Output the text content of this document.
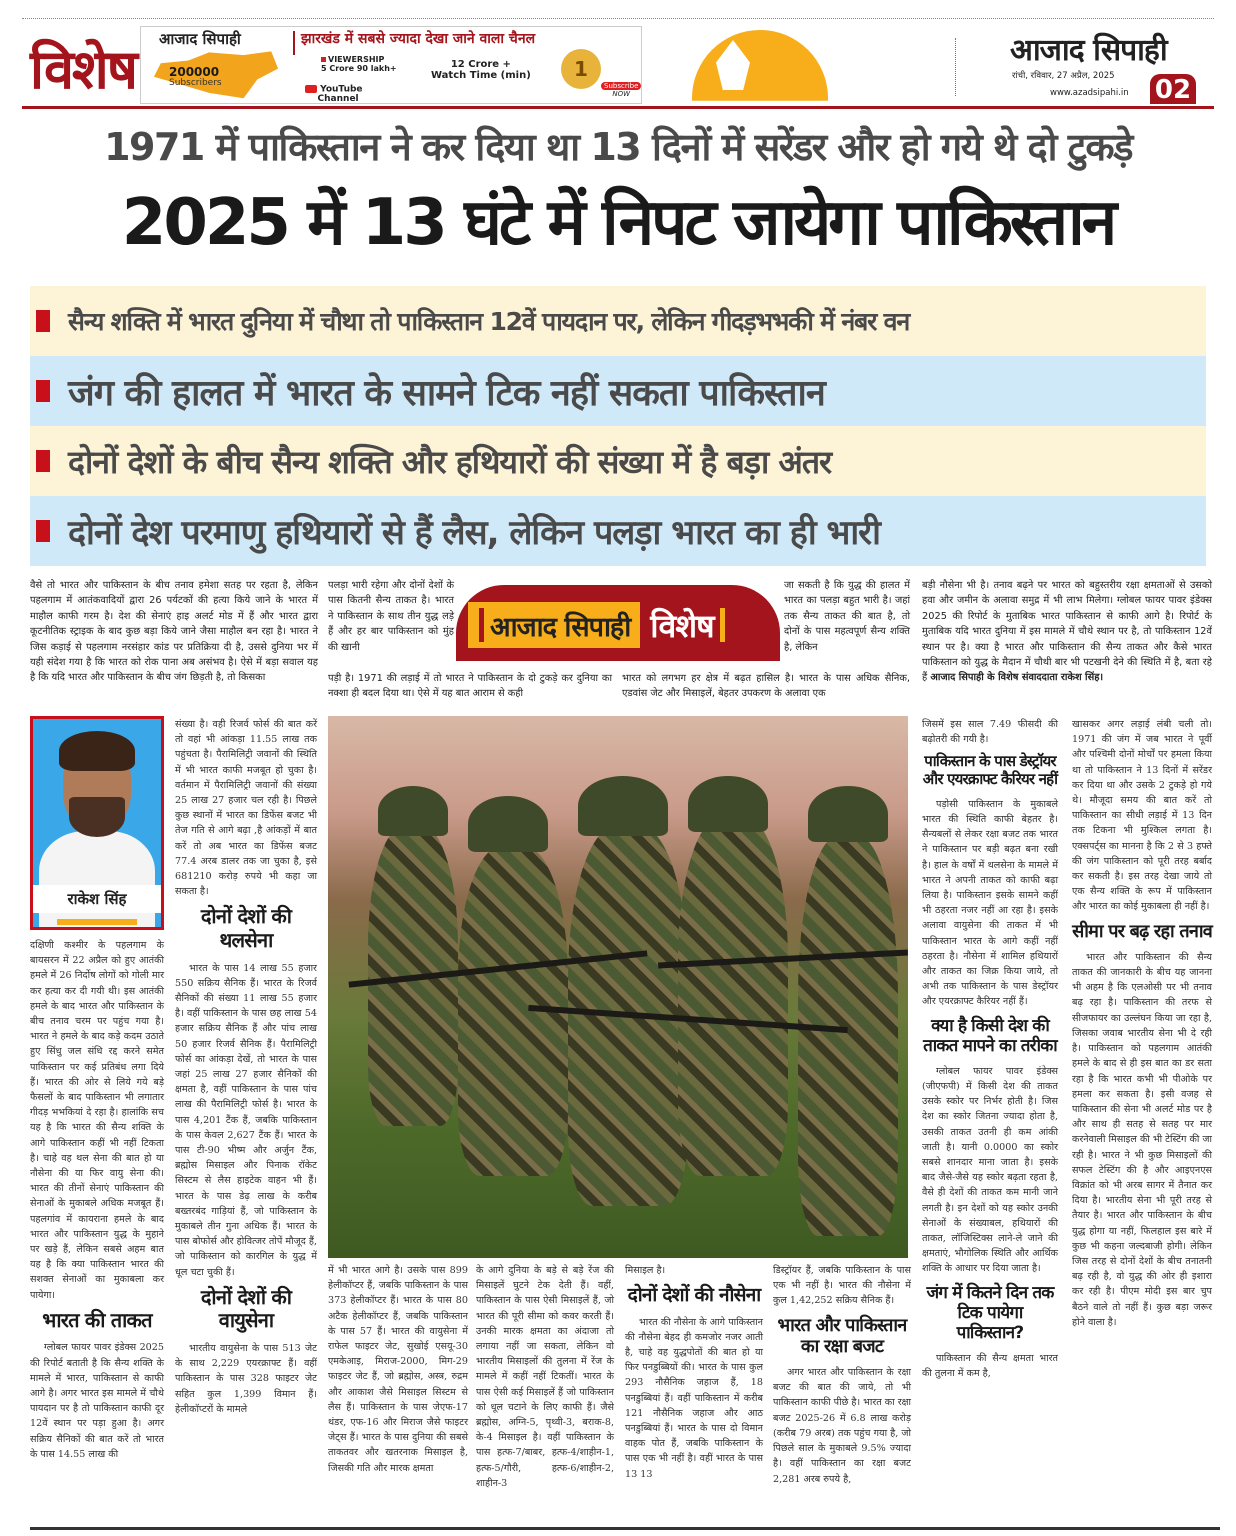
विशेष आजाद सिपाही	झारखंड में सबसे ज्यादा देखा जाने वाला चैनल
200000
Subscribers
VIEWERSHIP
5 Crore 90 lakh+	12 Crore +
Watch Time (min)
YouTube
Channel
1
Subscribe
NOW
आजाद सिपाही
रांची, रविवार, 27 अप्रैल, 2025
www.azadsipahi.in 02
1971 में पाकिस्तान ने कर दिया था 13 दिनों में सरेंडर और हो गये थे दो टुकड़े
2025 में 13 घंटे में निपट जायेगा पाकिस्तान
सैन्य शक्ति में भारत दुनिया में चौथा तो पाकिस्तान 12वें पायदान पर, लेकिन गीदड़भभकी में नंबर वन
जंग की हालत में भारत के सामने टिक नहीं सकता पाकिस्तान
दोनों देशों के बीच सैन्य शक्ति और हथियारों की संख्या में है बड़ा अंतर
दोनों देश परमाणु हथियारों से हैं लैस, लेकिन पलड़ा भारत का ही भारी

वैसे तो भारत और पाकिस्तान के बीच तनाव हमेशा सतह पर रहता है, लेकिन पहलगाम में आतंकवादियों द्वारा 26 पर्यटकों की हत्या किये जाने के भारत में माहौल काफी गरम है। देश की सेनाएं हाइ अलर्ट मोड में हैं और भारत द्वारा कूटनीतिक स्ट्राइक के बाद कुछ बड़ा किये जाने जैसा माहौल बन रहा है। भारत ने जिस कड़ाई से पहलगाम नरसंहार कांड पर प्रतिक्रिया दी है, उससे दुनिया भर में यही संदेश गया है कि भारत को रोक पाना अब असंभव है। ऐसे में बड़ा सवाल यह है कि यदि भारत और पाकिस्तान के बीच जंग छिड़ती है, तो किसका

पलड़ा भारी रहेगा और दोनों देशों के पास कितनी सैन्य ताकत है। भारत ने पाकिस्तान के साथ तीन युद्ध लड़े हैं और हर बार पाकिस्तान को मुंह की खानी

पड़ी है। 1971 की लड़ाई में तो भारत ने पाकिस्तान के दो टुकड़े कर दुनिया का नक्शा ही बदल दिया था। ऐसे में यह बात आराम से कही

जा सकती है कि युद्ध की हालत में भारत का पलड़ा बहुत भारी है। जहां तक सैन्य ताकत की बात है, तो दोनों के पास महत्वपूर्ण सैन्य शक्ति है, लेकिन

भारत को लगभग हर क्षेत्र में बढ़त हासिल है। भारत के पास अधिक सैनिक, एडवांस जेट और मिसाइलें, बेहतर उपकरण के अलावा एक

बड़ी नौसेना भी है। तनाव बढ़ने पर भारत को बहुस्तरीय रक्षा क्षमताओं से उसको हवा और जमीन के अलावा समुद्र में भी लाभ मिलेगा। ग्लोबल फायर पावर इंडेक्स 2025 की रिपोर्ट के मुताबिक भारत पाकिस्तान से काफी आगे है। रिपोर्ट के मुताबिक यदि भारत दुनिया में इस मामले में चौथे स्थान पर है, तो पाकिस्तान 12वें स्थान पर है। क्या है भारत और पाकिस्तान की सैन्य ताकत और कैसे भारत पाकिस्तान को युद्ध के मैदान में चौथी बार भी पटखनी देने की स्थिति में है, बता रहे हैं आजाद सिपाही के विशेष संवाददाता राकेश सिंह।

आजाद सिपाही विशेष
राकेश सिंह

दक्षिणी कश्मीर के पहलगाम के बायसरन में 22 अप्रैल को हुए आतंकी हमले में 26 निर्दोष लोगों को गोली मार कर हत्या कर दी गयी थी। इस आतंकी हमले के बाद भारत और पाकिस्तान के बीच तनाव चरम पर पहुंच गया है। भारत ने हमले के बाद कड़े कदम उठाते हुए सिंधु जल संधि रद्द करने समेत पाकिस्तान पर कई प्रतिबंध लगा दिये हैं। भारत की ओर से लिये गये बड़े फैसलों के बाद पाकिस्तान भी लगातार गीदड़ भभकियां दे रहा है। हालांकि सच यह है कि भारत की सैन्य शक्ति के आगे पाकिस्तान कहीं भी नहीं टिकता है। चाहे वह थल सेना की बात हो या नौसेना की या फिर वायु सेना की। भारत की तीनों सेनाएं पाकिस्तान की सेनाओं के मुकाबले अधिक मजबूत हैं। पहलगांव में कायराना हमले के बाद भारत और पाकिस्तान युद्ध के मुहाने पर खड़े हैं, लेकिन सबसे अहम बात यह है कि क्या पाकिस्तान भारत की सशक्त सेनाओं का मुकाबला कर पायेगा।

भारत की ताकत

ग्लोबल फायर पावर इंडेक्स 2025 की रिपोर्ट बताती है कि सैन्य शक्ति के मामले में भारत, पाकिस्तान से काफी आगे है। अगर भारत इस मामले में चौथे पायदान पर है तो पाकिस्तान काफी दूर 12वें स्थान पर पड़ा हुआ है। अगर सक्रिय सैनिकों की बात करें तो भारत के पास 14.55 लाख की

संख्या है। वही रिजर्व फोर्स की बात करें तो वहां भी आंकड़ा 11.55 लाख तक पहुंचता है। पैरामिलिट्री जवानों की स्थिति में भी भारत काफी मजबूत हो चुका है। वर्तमान में पैरामिलिट्री जवानों की संख्या 25 लाख 27 हजार चल रही है। पिछले कुछ स्थानों में भारत का डिफेंस बजट भी तेज गति से आगे बढ़ा ,है आंकड़ों में बात करें तो अब भारत का डिफेंस बजट 77.4 अरब डालर तक जा चुका है, इसे 681210 करोड़ रुपये भी कहा जा सकता है।

दोनों देशों की थलसेना

भारत के पास 14 लाख 55 हजार 550 सक्रिय सैनिक हैं। भारत के रिजर्व सैनिकों की संख्या 11 लाख 55 हजार है। वहीं पाकिस्तान के पास छह लाख 54 हजार सक्रिय सैनिक हैं और पांच लाख 50 हजार रिजर्व सैनिक हैं। पैरामिलिट्री फोर्स का आंकड़ा देखें, तो भारत के पास जहां 25 लाख 27 हजार सैनिकों की क्षमता है, वहीं पाकिस्तान के पास पांच लाख की पैरामिलिट्री फोर्स है। भारत के पास 4,201 टैंक हैं, जबकि पाकिस्तान के पास केवल 2,627 टैंक हैं। भारत के पास टी-90 भीष्म और अर्जुन टैंक, ब्रह्मोस मिसाइल और पिनाक रॉकेट सिस्टम से लैस हाइटेक वाहन भी हैं। भारत के पास डेढ़ लाख के करीब बख्तरबंद गाड़ियां हैं, जो पाकिस्तान के मुकाबले तीन गुना अधिक हैं। भारत के पास बोफोर्स और होवित्जर तोपें मौजूद हैं, जो पाकिस्तान को कारगिल के युद्ध में धूल चटा चुकी हैं।

दोनों देशों की वायुसेना

भारतीय वायुसेना के पास 513 जेट के साथ 2,229 एयरक्राफ्ट हैं। वहीं पाकिस्तान के पास 328 फाइटर जेट सहित कुल 1,399 विमान हैं। हेलीकॉप्टरों के मामले

में भी भारत आगे है। उसके पास 899 हेलीकॉप्टर हैं, जबकि पाकिस्तान के पास 373 हेलीकॉप्टर हैं। भारत के पास 80 अटैक हेलीकॉप्टर हैं, जबकि पाकिस्तान के पास 57 हैं। भारत की वायुसेना में राफेल फाइटर जेट, सुखोई एसयू-30 एमकेआइ, मिराज-2000, मिग-29 फाइटर जेट हैं, जो ब्रह्मोस, अस्त्र, रुद्रम और आकाश जैसे मिसाइल सिस्टम से लैस हैं। पाकिस्तान के पास जेएफ-17 थंडर, एफ-16 और मिराज जैसे फाइटर जेट्स हैं। भारत के पास दुनिया की सबसे ताकतवर और खतरनाक मिसाइल है, जिसकी गति और मारक क्षमता

के आगे दुनिया के बड़े से बड़े रेंज की मिसाइलें घुटने टेक देती हैं। वहीं, पाकिस्तान के पास ऐसी मिसाइलें हैं, जो भारत की पूरी सीमा को कवर करती हैं। उनकी मारक क्षमता का अंदाजा तो लगाया नहीं जा सकता, लेकिन वो भारतीय मिसाइलों की तुलना में रेंज के मामले में कहीं नहीं टिकतीं। भारत के पास ऐसी कई मिसाइलें हैं जो पाकिस्तान को धूल चटाने के लिए काफी हैं। जैसे ब्रह्मोस, अग्नि-5, पृथ्वी-3, बराक-8, के-4 मिसाइल है। वहीं पाकिस्तान के पास हत्फ-7/बाबर, हत्फ-4/शाहीन-1, हत्फ-5/गौरी, हत्फ-6/शाहीन-2, शाहीन-3

मिसाइल है।

दोनों देशों की नौसेना

भारत की नौसेना के आगे पाकिस्तान की नौसेना बेहद ही कमजोर नजर आती है, चाहे वह युद्धपोतों की बात हो या फिर पनडुब्बियों की। भारत के पास कुल 293 नौसैनिक जहाज हैं, 18 पनडुब्बियां हैं। वहीं पाकिस्तान में करीब 121 नौसैनिक जहाज और आठ पनडुब्बियां हैं। भारत के पास दो विमान वाहक पोत हैं, जबकि पाकिस्तान के पास एक भी नहीं है। वहीं भारत के पास 13 13

डिस्ट्रॉयर हैं, जबकि पाकिस्तान के पास एक भी नहीं है। भारत की नौसेना में कुल 1,42,252 सक्रिय सैनिक हैं।

भारत और पाकिस्तान का रक्षा बजट

अगर भारत और पाकिस्तान के रक्षा बजट की बात की जाये, तो भी पाकिस्तान काफी पीछे है। भारत का रक्षा बजट 2025-26 में 6.8 लाख करोड़ (करीब 79 अरब) तक पहुंच गया है, जो पिछले साल के मुकाबले 9.5% ज्यादा है। वहीं पाकिस्तान का रक्षा बजट 2,281 अरब रुपये है,

जिसमें इस साल 7.49 फीसदी की बढ़ोतरी की गयी है।

पाकिस्तान के पास डेस्ट्रॉयर और एयरक्राफ्ट कैरियर नहीं

पड़ोसी पाकिस्तान के मुकाबले भारत की स्थिति काफी बेहतर है। सैन्यबलों से लेकर रक्षा बजट तक भारत ने पाकिस्तान पर बड़ी बढ़त बना रखी है। हाल के वर्षों में थलसेना के मामले में भारत ने अपनी ताकत को काफी बढ़ा लिया है। पाकिस्तान इसके सामने कहीं भी ठहरता नजर नहीं आ रहा है। इसके अलावा वायुसेना की ताकत में भी पाकिस्तान भारत के आगे कहीं नहीं ठहरता है। नौसेना में शामिल हथियारों और ताकत का जिक्र किया जाये, तो अभी तक पाकिस्तान के पास डेस्ट्रॉयर और एयरक्राफ्ट कैरियर नहीं हैं।

क्या है किसी देश की ताकत मापने का तरीका

ग्लोबल फायर पावर इंडेक्स (जीएफपी) में किसी देश की ताकत उसके स्कोर पर निर्भर होती है। जिस देश का स्कोर जितना ज्यादा होता है, उसकी ताकत उतनी ही कम आंकी जाती है। यानी 0.0000 का स्कोर सबसे शानदार माना जाता है। इसके बाद जैसे-जैसे यह स्कोर बढ़ता रहता है, वैसे ही देशों की ताकत कम मानी जाने लगती है। इन देशों को यह स्कोर उनकी सेनाओं के संख्याबल, हथियारों की ताकत, लॉजिस्टिक्स लाने-ले जाने की क्षमताएं, भौगोलिक स्थिति और आर्थिक शक्ति के आधार पर दिया जाता है।

जंग में कितने दिन तक टिक पायेगा पाकिस्तान?

पाकिस्तान की सैन्य क्षमता भारत की तुलना में कम है,

खासकर अगर लड़ाई लंबी चली तो। 1971 की जंग में जब भारत ने पूर्वी और पश्चिमी दोनों मोर्चों पर हमला किया था तो पाकिस्तान ने 13 दिनों में सरेंडर कर दिया था और उसके 2 टुकड़े हो गये थे। मौजूदा समय की बात करें तो पाकिस्तान का सीधी लड़ाई में 13 दिन तक टिकना भी मुश्किल लगता है। एक्सपर्ट्स का मानना है कि 2 से 3 हफ्ते की जंग पाकिस्तान को पूरी तरह बर्बाद कर सकती है। इस तरह देखा जाये तो एक सैन्य शक्ति के रूप में पाकिस्तान और भारत का कोई मुकाबला ही नहीं है।

सीमा पर बढ़ रहा तनाव

भारत और पाकिस्तान की सैन्य ताकत की जानकारी के बीच यह जानना भी अहम है कि एलओसी पर भी तनाव बढ़ रहा है। पाकिस्तान की तरफ से सीजफायर का उल्लंघन किया जा रहा है, जिसका जवाब भारतीय सेना भी दे रही है। पाकिस्तान को पहलगाम आतंकी हमले के बाद से ही इस बात का डर सता रहा है कि भारत कभी भी पीओके पर हमला कर सकता है। इसी वजह से पाकिस्तान की सेना भी अलर्ट मोड पर है और साथ ही सतह से सतह पर मार करनेवाली मिसाइल की भी टेस्टिंग की जा रही है। भारत ने भी कुछ मिसाइलों की सफल टेस्टिंग की है और आइएनएस विक्रांत को भी अरब सागर में तैनात कर दिया है। भारतीय सेना भी पूरी तरह से तैयार है। भारत और पाकिस्तान के बीच युद्ध होगा या नहीं, फिलहाल इस बारे में कुछ भी कहना जल्दबाजी होगी। लेकिन जिस तरह से दोनों देशों के बीच तनातनी बढ़ रही है, वो युद्ध की ओर ही इशारा कर रही है। पीएम मोदी इस बार चुप बैठने वाले तो नहीं हैं। कुछ बड़ा जरूर होने वाला है।
